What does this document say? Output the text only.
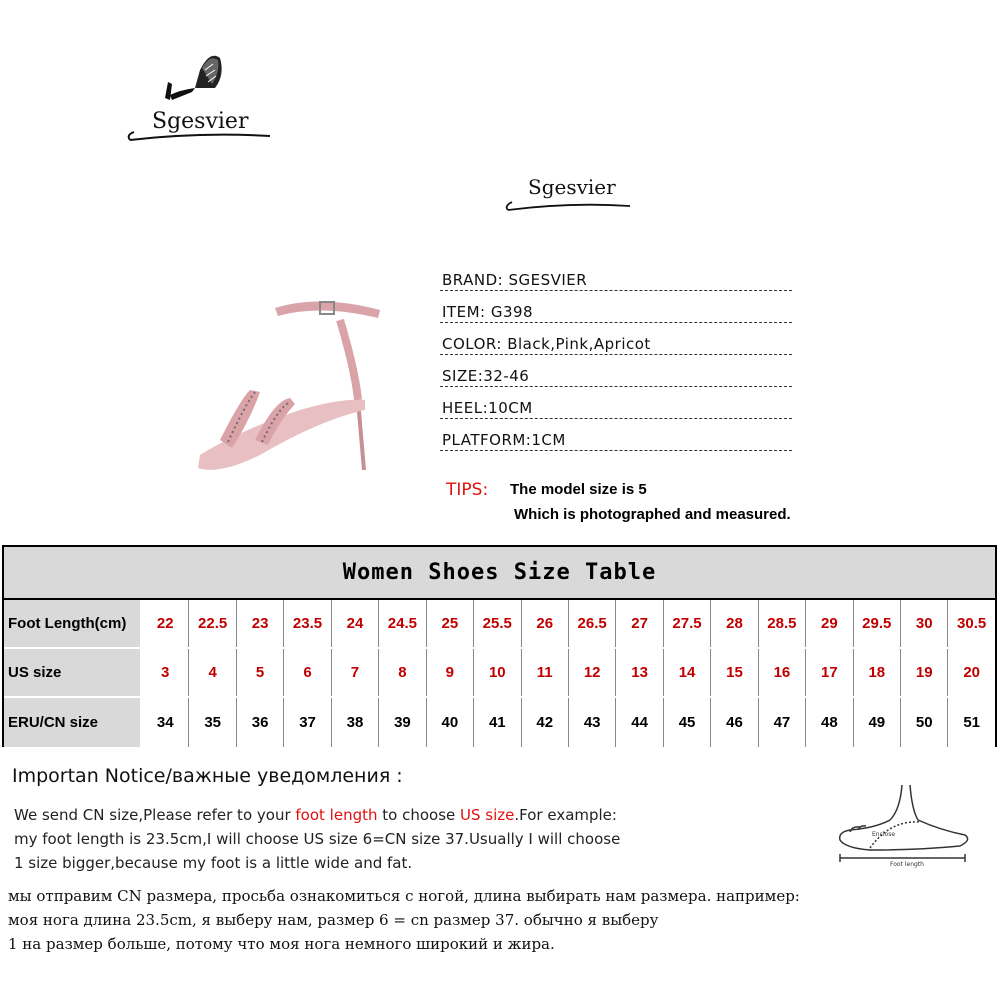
Sgesvier
Sgesvier
BRAND: SGESVIER
ITEM: G398
COLOR: Black,Pink,Apricot
SIZE:32-46
HEEL:10CM
PLATFORM:1CM
TIPS: The model size is 5
Which is photographed and measured.
Women Shoes Size Table
Foot Length(cm)	22	22.5	23	23.5	24	24.5	25	25.5	26	26.5	27	27.5	28	28.5	29	29.5	30	30.5
US size	3	4	5	6	7	8	9	10	11	12	13	14	15	16	17	18	19	20
ERU/CN size	34	35	36	37	38	39	40	41	42	43	44	45	46	47	48	49	50	51
Importan Notice/важные уведомления :
We send CN size,Please refer to your foot length to choose US size.For example:
my foot length is 23.5cm,I will choose US size 6=CN size 37.Usually I will choose
1 size bigger,because my foot is a little wide and fat.
Enclose
Foot length
мы отправим CN размера, просьба ознакомиться с ногой, длина выбирать нам размера. например:
моя нога длина 23.5cm, я выберу нам, размер 6 = cn размер 37. обычно я выберу
1 на размер больше, потому что моя нога немного широкий и жира.
